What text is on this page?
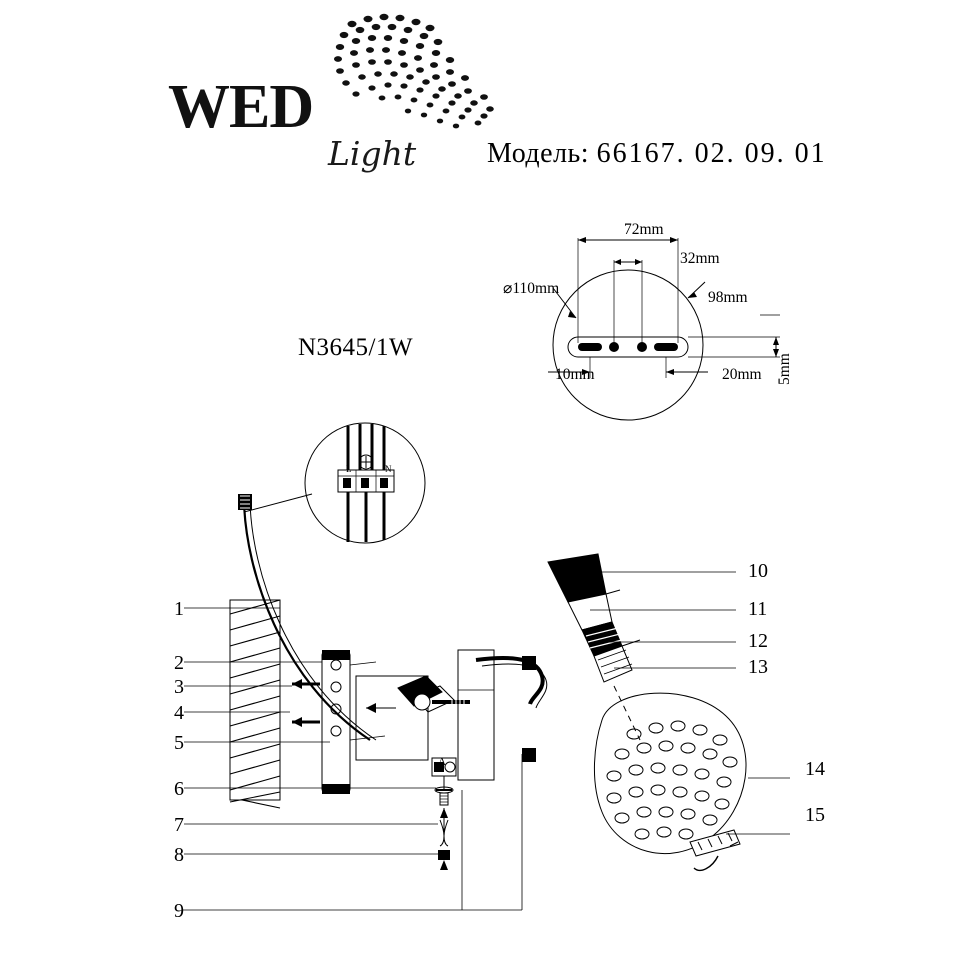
WED
Light	Модель: 66167. 02. 09. 01
N3645/1W
⌀110mm
72mm
32mm
98mm
10mm	20mm 5mm
L	N
A
1
2
3
4
5
6
7
8
9
10
11
12
13
14
15
